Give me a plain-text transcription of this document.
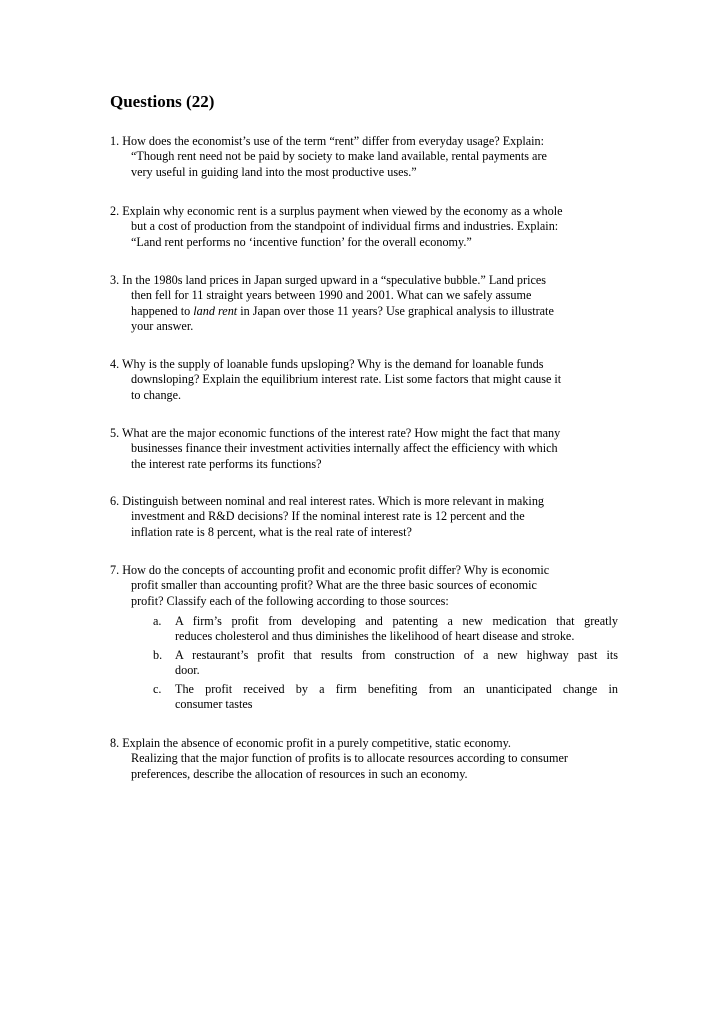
Questions (22)
1. How does the economist’s use of the term “rent” differ from everyday usage? Explain:
“Though rent need not be paid by society to make land available, rental payments are
very useful in guiding land into the most productive uses.”
2. Explain why economic rent is a surplus payment when viewed by the economy as a whole
but a cost of production from the standpoint of individual firms and industries. Explain:
“Land rent performs no ‘incentive function’ for the overall economy.”
3. In the 1980s land prices in Japan surged upward in a “speculative bubble.” Land prices
then fell for 11 straight years between 1990 and 2001. What can we safely assume
happened to land rent in Japan over those 11 years? Use graphical analysis to illustrate
your answer.
4. Why is the supply of loanable funds upsloping? Why is the demand for loanable funds
downsloping? Explain the equilibrium interest rate. List some factors that might cause it
to change.
5. What are the major economic functions of the interest rate? How might the fact that many
businesses finance their investment activities internally affect the efficiency with which
the interest rate performs its functions?
6. Distinguish between nominal and real interest rates. Which is more relevant in making
investment and R&D decisions? If the nominal interest rate is 12 percent and the
inflation rate is 8 percent, what is the real rate of interest?
7. How do the concepts of accounting profit and economic profit differ? Why is economic
profit smaller than accounting profit? What are the three basic sources of economic
profit? Classify each of the following according to those sources:
a. A firm’s profit from developing and patenting a new medication that greatly
reduces cholesterol and thus diminishes the likelihood of heart disease and stroke.
b. A restaurant’s profit that results from construction of a new highway past its
door.
c. The profit received by a firm benefiting from an unanticipated change in
consumer tastes
8. Explain the absence of economic profit in a purely competitive, static economy.
Realizing that the major function of profits is to allocate resources according to consumer
preferences, describe the allocation of resources in such an economy.
